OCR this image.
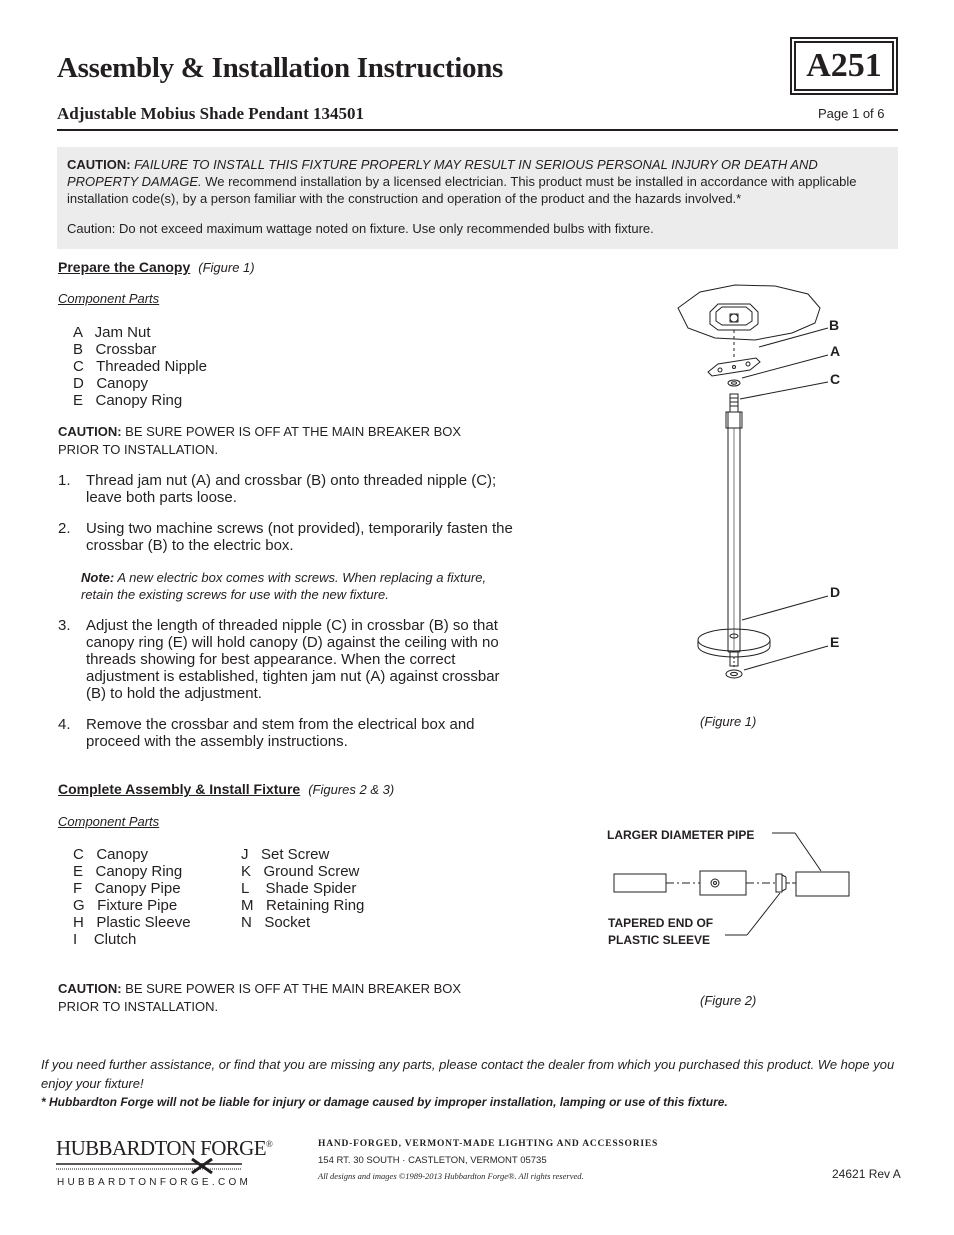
Assembly & Installation Instructions	A251
Adjustable Mobius Shade Pendant 134501	Page 1 of 6

CAUTION: FAILURE TO INSTALL THIS FIXTURE PROPERLY MAY RESULT IN SERIOUS PERSONAL INJURY OR DEATH AND PROPERTY DAMAGE. We recommend installation by a licensed electrician. This product must be installed in accordance with applicable installation code(s), by a person familiar with the construction and operation of the product and the hazards involved.*

Caution: Do not exceed maximum wattage noted on fixture. Use only recommended bulbs with fixture.

Prepare the Canopy (Figure 1)
Component Parts
A   Jam Nut
B   Crossbar
C   Threaded Nipple
D   Canopy
E   Canopy Ring
CAUTION: BE SURE POWER IS OFF AT THE MAIN BREAKER BOX PRIOR TO INSTALLATION.
1. Thread jam nut (A) and crossbar (B) onto threaded nipple (C); leave both parts loose.
2. Using two machine screws (not provided), temporarily fasten the crossbar (B) to the electric box.
Note: A new electric box comes with screws. When replacing a fixture, retain the existing screws for use with the new fixture.
3. Adjust the length of threaded nipple (C) in crossbar (B) so that canopy ring (E) will hold canopy (D) against the ceiling with no threads showing for best appearance. When the correct adjustment is established, tighten jam nut (A) against crossbar (B) to hold the adjustment.
4. Remove the crossbar and stem from the electrical box and proceed with the assembly instructions.
B
A
C
D
E
(Figure 1)
Complete Assembly & Install Fixture (Figures 2 & 3)
Component Parts
C   Canopy
E   Canopy Ring
F   Canopy Pipe
G   Fixture Pipe
H   Plastic Sleeve
I    Clutch
J   Set Screw
K   Ground Screw
L    Shade Spider
M   Retaining Ring
N   Socket
CAUTION: BE SURE POWER IS OFF AT THE MAIN BREAKER BOX PRIOR TO INSTALLATION.
LARGER DIAMETER PIPE
TAPERED END OF PLASTIC SLEEVE
(Figure 2)
If you need further assistance, or find that you are missing any parts, please contact the dealer from which you purchased this product. We hope you enjoy your fixture!
* Hubbardton Forge will not be liable for injury or damage caused by improper installation, lamping or use of this fixture.
HUBBARDTON FORGE®
HUBBARDTONFORGE.COM
HAND-FORGED, VERMONT-MADE LIGHTING AND ACCESSORIES
154 RT. 30 SOUTH · CASTLETON, VERMONT 05735
All designs and images ©1989-2013 Hubbardton Forge®. All rights reserved.	24621 Rev A
